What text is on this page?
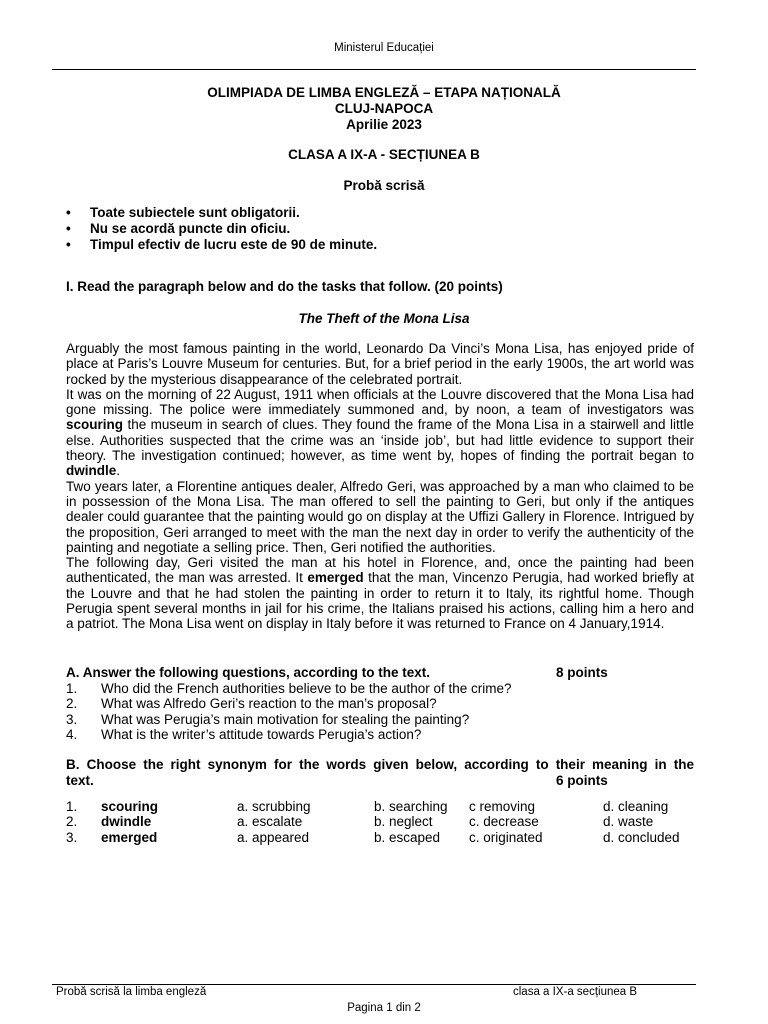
Ministerul Educației
OLIMPIADA DE LIMBA ENGLEZĂ – ETAPA NAȚIONALĂ
CLUJ-NAPOCA
Aprilie 2023
CLASA A IX-A - SECȚIUNEA B
Probă scrisă
• Toate subiectele sunt obligatorii.
• Nu se acordă puncte din oficiu.
• Timpul efectiv de lucru este de 90 de minute.
I. Read the paragraph below and do the tasks that follow. (20 points)
The Theft of the Mona Lisa

Arguably the most famous painting in the world, Leonardo Da Vinci’s Mona Lisa, has enjoyed pride of place at Paris’s Louvre Museum for centuries. But, for a brief period in the early 1900s, the art world was rocked by the mysterious disappearance of the celebrated portrait.

It was on the morning of 22 August, 1911 when officials at the Louvre discovered that the Mona Lisa had gone missing. The police were immediately summoned and, by noon, a team of investigators was scouring the museum in search of clues. They found the frame of the Mona Lisa in a stairwell and little else. Authorities suspected that the crime was an ‘inside job’, but had little evidence to support their theory. The investigation continued; however, as time went by, hopes of finding the portrait began to dwindle.

Two years later, a Florentine antiques dealer, Alfredo Geri, was approached by a man who claimed to be in possession of the Mona Lisa. The man offered to sell the painting to Geri, but only if the antiques dealer could guarantee that the painting would go on display at the Uffizi Gallery in Florence. Intrigued by the proposition, Geri arranged to meet with the man the next day in order to verify the authenticity of the painting and negotiate a selling price. Then, Geri notified the authorities.

The following day, Geri visited the man at his hotel in Florence, and, once the painting had been authenticated, the man was arrested. It emerged that the man, Vincenzo Perugia, had worked briefly at the Louvre and that he had stolen the painting in order to return it to Italy, its rightful home. Though Perugia spent several months in jail for his crime, the Italians praised his actions, calling him a hero and a patriot. The Mona Lisa went on display in Italy before it was returned to France on 4 January,1914.

A. Answer the following questions, according to the text.	8 points
1. Who did the French authorities believe to be the author of the crime?
2. What was Alfredo Geri’s reaction to the man’s proposal?
3. What was Perugia’s main motivation for stealing the painting?
4. What is the writer’s attitude towards Perugia’s action?
B. Choose the right synonym for the words given below, according to their meaning in the
text.	6 points
1. scouring	a. scrubbing	b. searching c removing	d. cleaning
2. dwindle	a. escalate	b. neglect	c. decrease	d. waste
3. emerged	a. appeared	b. escaped c. originated	d. concluded
Probă scrisă la limba engleză	clasa a IX-a secțiunea B
Pagina 1 din 2
